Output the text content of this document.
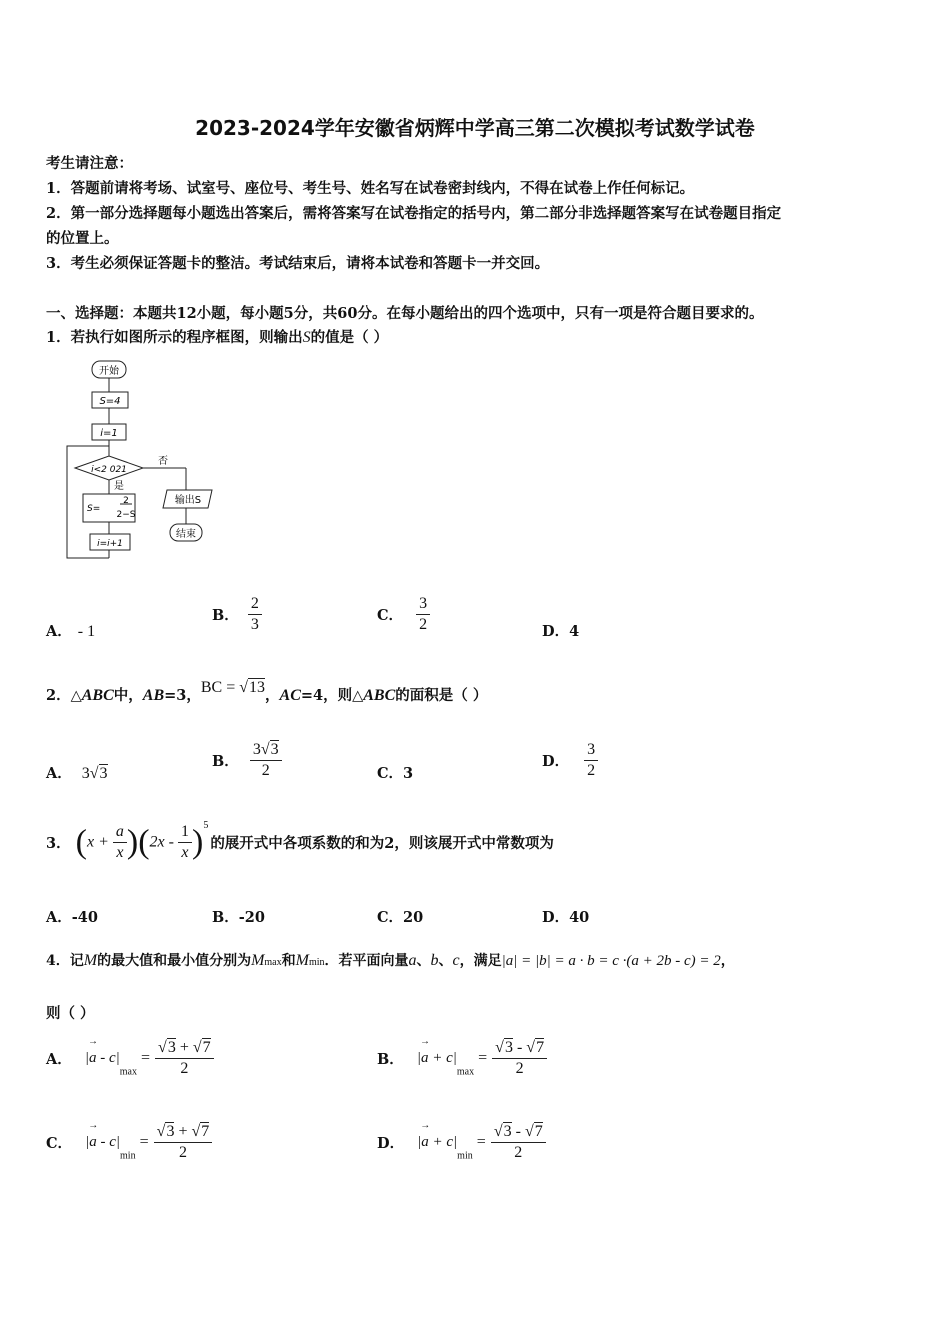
2023-2024学年安徽省炳辉中学高三第二次模拟考试数学试卷
考生请注意：
1．答题前请将考场、试室号、座位号、考生号、姓名写在试卷密封线内，不得在试卷上作任何标记。
2．第一部分选择题每小题选出答案后，需将答案写在试卷指定的括号内，第二部分非选择题答案写在试卷题目指定
的位置上。
3．考生必须保证答题卡的整洁。考试结束后，请将本试卷和答题卡一并交回。
一、选择题：本题共12小题，每小题5分，共60分。在每小题给出的四个选项中，只有一项是符合题目要求的。
1．若执行如图所示的程序框图，则输出S的值是（ ）
开始
S=4
i=1
i<2 021
否
是
S=
2
2−S
i=i+1
输出S
结束
A． - 1
B． $\frac{2}{3}$	C． $\frac{3}{2}$	D．4
2．△ABC中，AB=3，BC = √13，AC=4，则△ABC的面积是（ ）
A． 3√3
B． $\frac{3√3}{2}$	C．3
D． $\frac{3}{2}$
3． $(x + \frac{a}{x} )(2x - \frac{1}{x} )^5$的展开式中各项系数的和为2，则该展开式中常数项为
A．-40	B．-20	C．20	D．40
4．记M的最大值和最小值分别为Mmax和Mmin．若平面向量a、b、c，满足|a| = |b| = a · b = c ·(a + 2b - c) = 2，
则（ ）
A． |→ $a - c|_{max} = \frac{√3 + √7}{2}$	B． |→ $a + c|_{max} = \frac{√3 - √7}{2}$
C． |→ $a - c|_{min} = \frac{√3 + √7}{2}$	D． |→ $a + c|_{min} = \frac{√3 - √7}{2}$
